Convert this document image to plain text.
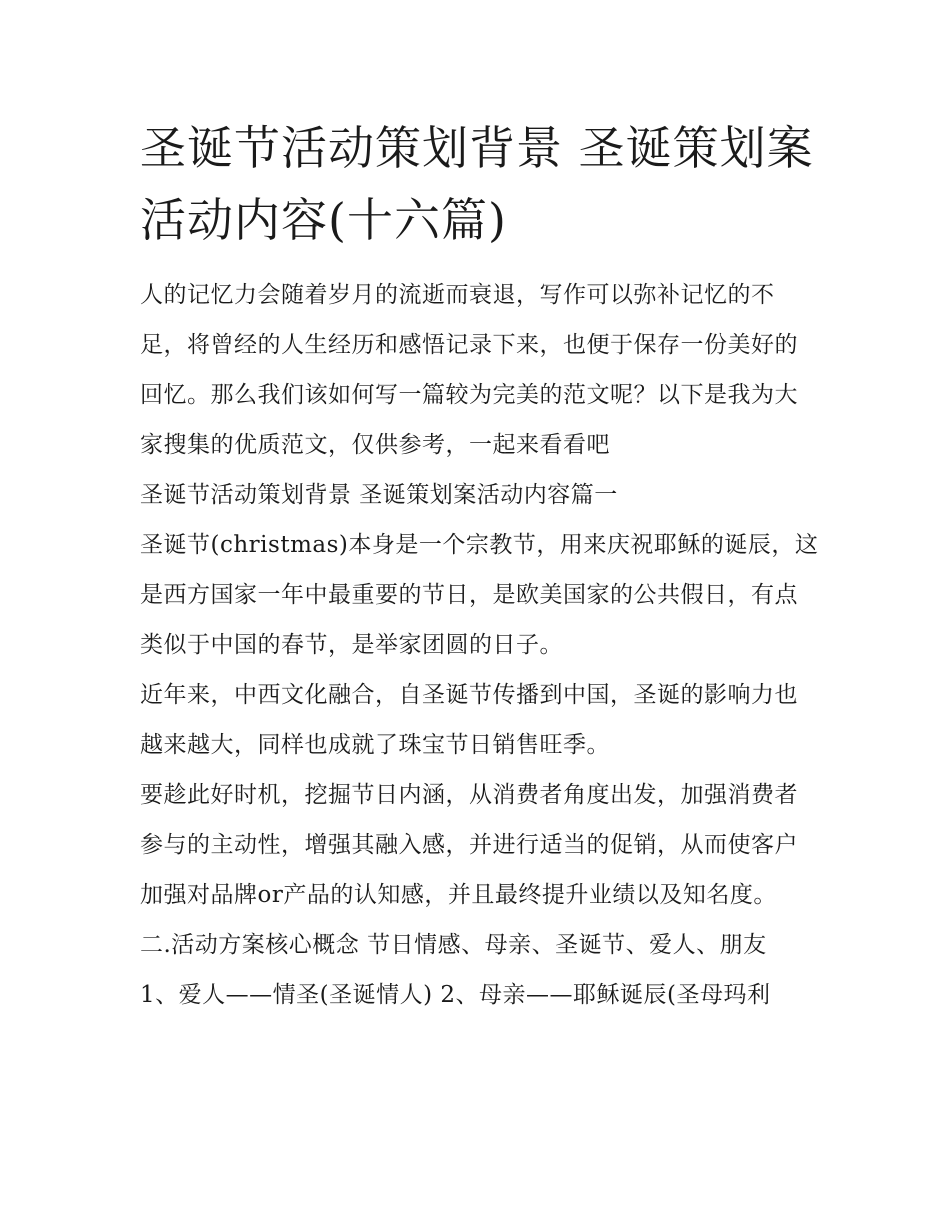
圣诞节活动策划背景 圣诞策划案活动内容(十六篇)

人的记忆力会随着岁月的流逝而衰退，写作可以弥补记忆的不足，将曾经的人生经历和感悟记录下来，也便于保存一份美好的回忆。那么我们该如何写一篇较为完美的范文呢？以下是我为大家搜集的优质范文，仅供参考，一起来看看吧

圣诞节活动策划背景 圣诞策划案活动内容篇一

圣诞节(christmas)本身是一个宗教节，用来庆祝耶稣的诞辰，这是西方国家一年中最重要的节日，是欧美国家的公共假日，有点类似于中国的春节，是举家团圆的日子。

近年来，中西文化融合，自圣诞节传播到中国，圣诞的影响力也越来越大，同样也成就了珠宝节日销售旺季。

要趁此好时机，挖掘节日内涵，从消费者角度出发，加强消费者参与的主动性，增强其融入感，并进行适当的促销，从而使客户加强对品牌or产品的认知感，并且最终提升业绩以及知名度。

二.活动方案核心概念 节日情感、母亲、圣诞节、爱人、朋友

1、爱人——情圣(圣诞情人) 2、母亲——耶稣诞辰(圣母玛利
